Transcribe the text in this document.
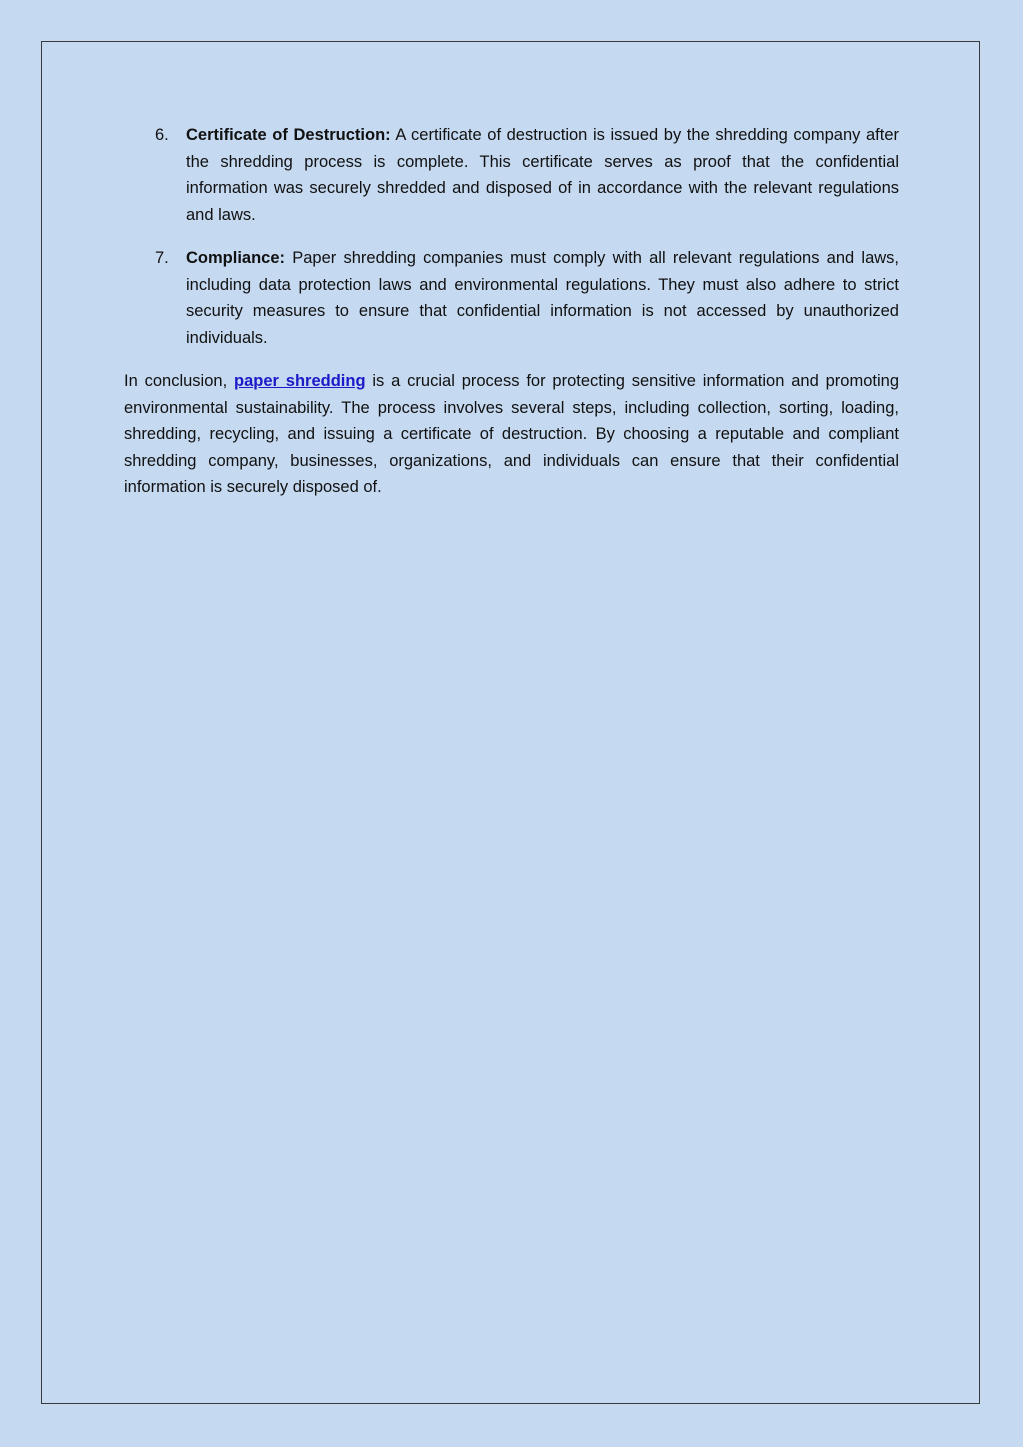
6. Certificate of Destruction: A certificate of destruction is issued by the shredding company after the shredding process is complete. This certificate serves as proof that the confidential information was securely shredded and disposed of in accordance with the relevant regulations and laws.
7. Compliance: Paper shredding companies must comply with all relevant regulations and laws, including data protection laws and environmental regulations. They must also adhere to strict security measures to ensure that confidential information is not accessed by unauthorized individuals.

In conclusion, paper shredding is a crucial process for protecting sensitive information and promoting environmental sustainability. The process involves several steps, including collection, sorting, loading, shredding, recycling, and issuing a certificate of destruction. By choosing a reputable and compliant shredding company, businesses, organizations, and individuals can ensure that their confidential information is securely disposed of.
